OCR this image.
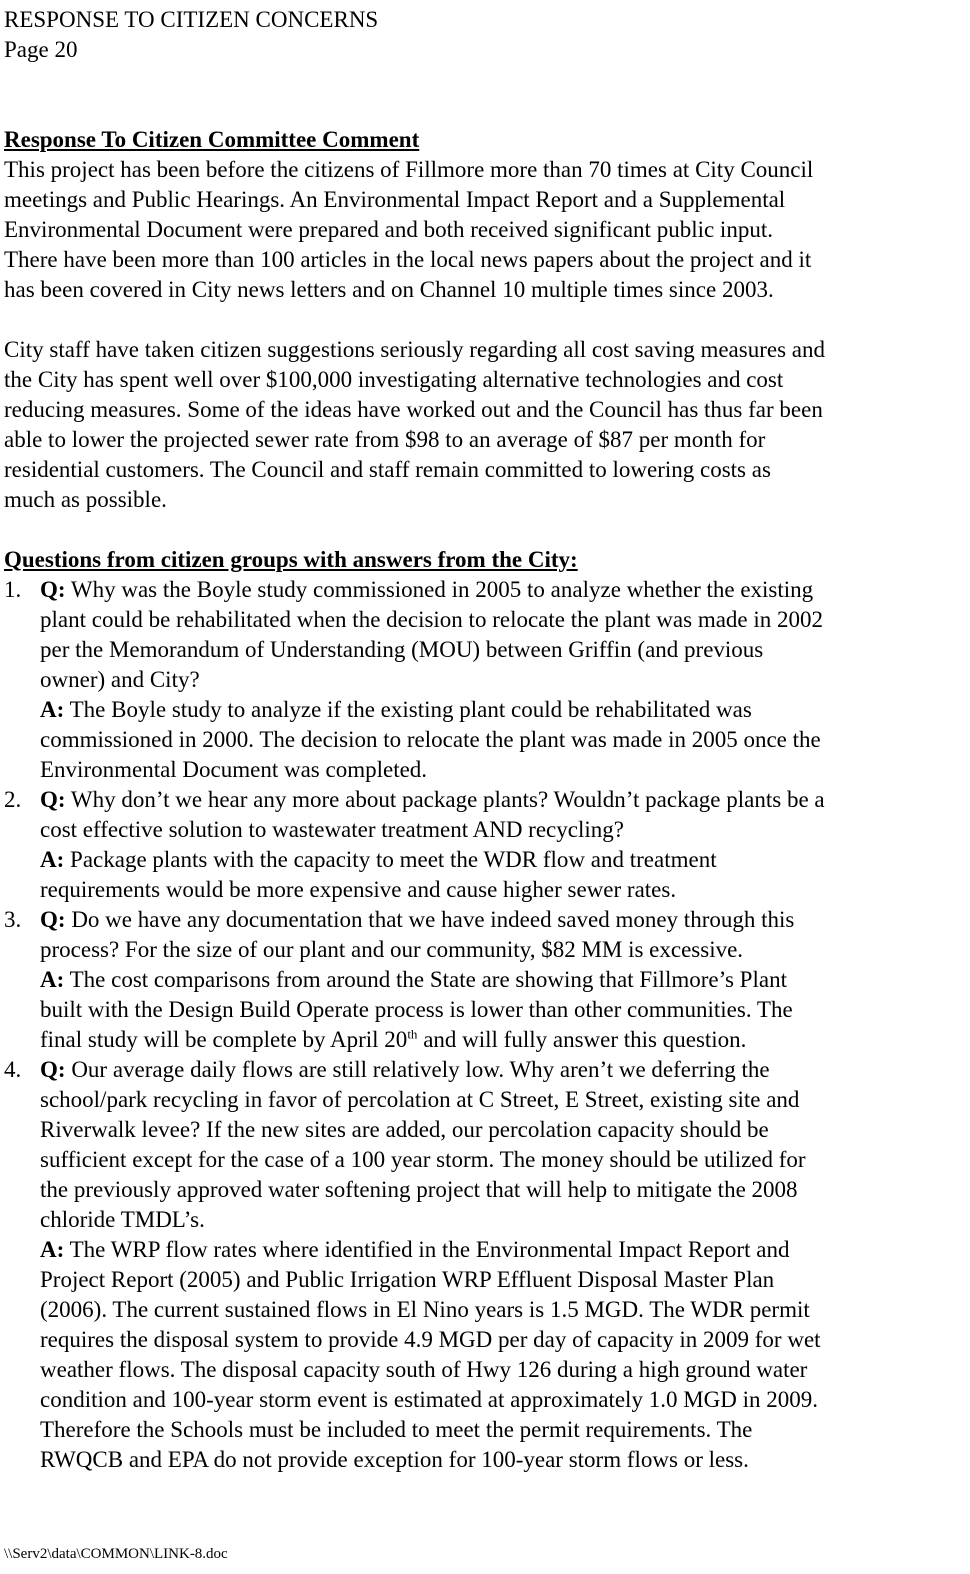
RESPONSE TO CITIZEN CONCERNS
Page 20
Response To Citizen Committee Comment
This project has been before the citizens of Fillmore more than 70 times at City Council
meetings and Public Hearings. An Environmental Impact Report and a Supplemental
Environmental Document were prepared and both received significant public input.
There have been more than 100 articles in the local news papers about the project and it
has been covered in City news letters and on Channel 10 multiple times since 2003.
City staff have taken citizen suggestions seriously regarding all cost saving measures and
the City has spent well over $100,000 investigating alternative technologies and cost
reducing measures. Some of the ideas have worked out and the Council has thus far been
able to lower the projected sewer rate from $98 to an average of $87 per month for
residential customers. The Council and staff remain committed to lowering costs as
much as possible.
Questions from citizen groups with answers from the City:
1. Q: Why was the Boyle study commissioned in 2005 to analyze whether the existing
plant could be rehabilitated when the decision to relocate the plant was made in 2002
per the Memorandum of Understanding (MOU) between Griffin (and previous
owner) and City?
A: The Boyle study to analyze if the existing plant could be rehabilitated was
commissioned in 2000. The decision to relocate the plant was made in 2005 once the
Environmental Document was completed.
2. Q: Why don’t we hear any more about package plants? Wouldn’t package plants be a
cost effective solution to wastewater treatment AND recycling?
A: Package plants with the capacity to meet the WDR flow and treatment
requirements would be more expensive and cause higher sewer rates.
3. Q: Do we have any documentation that we have indeed saved money through this
process? For the size of our plant and our community, $82 MM is excessive.
A: The cost comparisons from around the State are showing that Fillmore’s Plant
built with the Design Build Operate process is lower than other communities. The
final study will be complete by April 20th and will fully answer this question.
4. Q: Our average daily flows are still relatively low. Why aren’t we deferring the
school/park recycling in favor of percolation at C Street, E Street, existing site and
Riverwalk levee? If the new sites are added, our percolation capacity should be
sufficient except for the case of a 100 year storm. The money should be utilized for
the previously approved water softening project that will help to mitigate the 2008
chloride TMDL’s.
A: The WRP flow rates where identified in the Environmental Impact Report and
Project Report (2005) and Public Irrigation WRP Effluent Disposal Master Plan
(2006). The current sustained flows in El Nino years is 1.5 MGD. The WDR permit
requires the disposal system to provide 4.9 MGD per day of capacity in 2009 for wet
weather flows. The disposal capacity south of Hwy 126 during a high ground water
condition and 100-year storm event is estimated at approximately 1.0 MGD in 2009.
Therefore the Schools must be included to meet the permit requirements. The
RWQCB and EPA do not provide exception for 100-year storm flows or less.
\\Serv2\data\COMMON\LINK-8.doc
